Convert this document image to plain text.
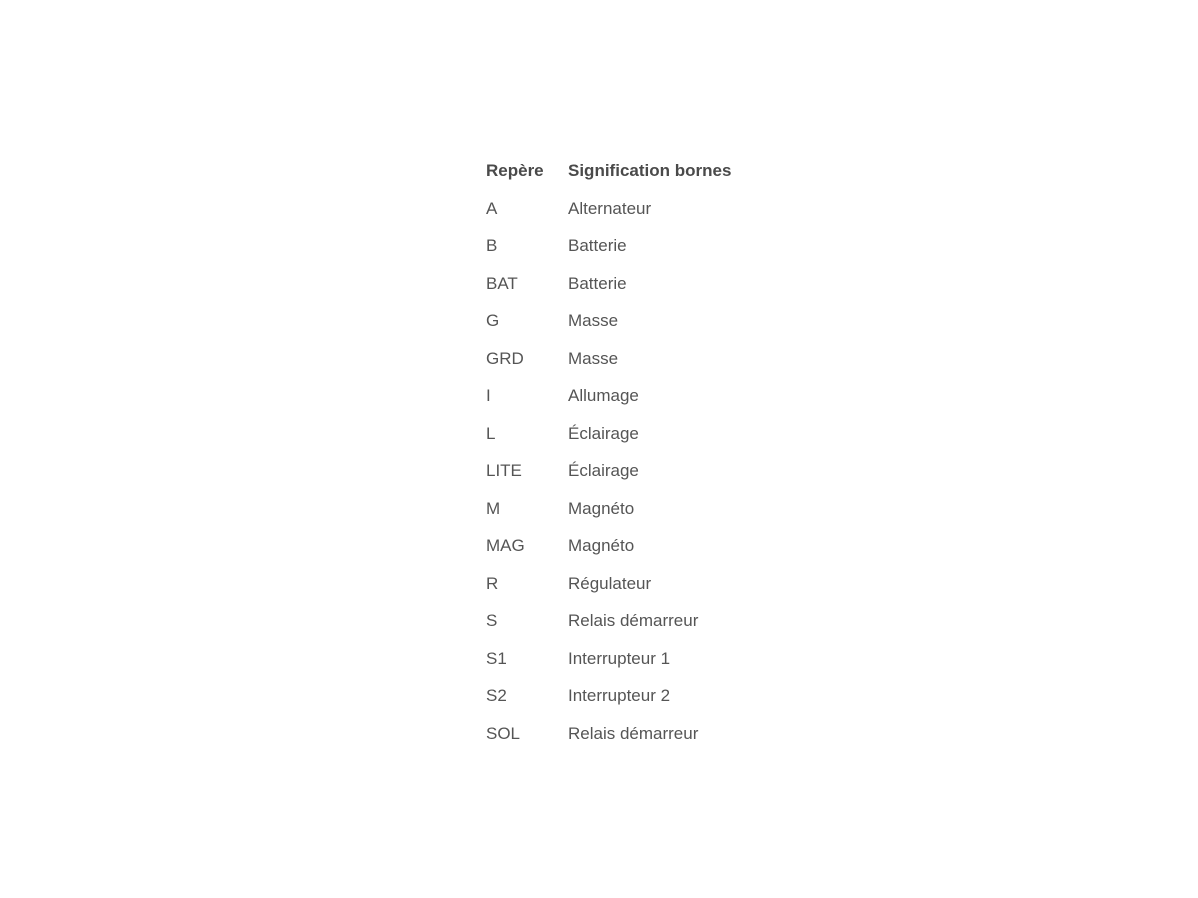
Repère	Signification bornes
A	Alternateur
B	Batterie
BAT	Batterie
G	Masse
GRD	Masse
I	Allumage
L	Éclairage
LITE	Éclairage
M	Magnéto
MAG	Magnéto
R	Régulateur
S	Relais démarreur
S1	Interrupteur 1
S2	Interrupteur 2
SOL	Relais démarreur
